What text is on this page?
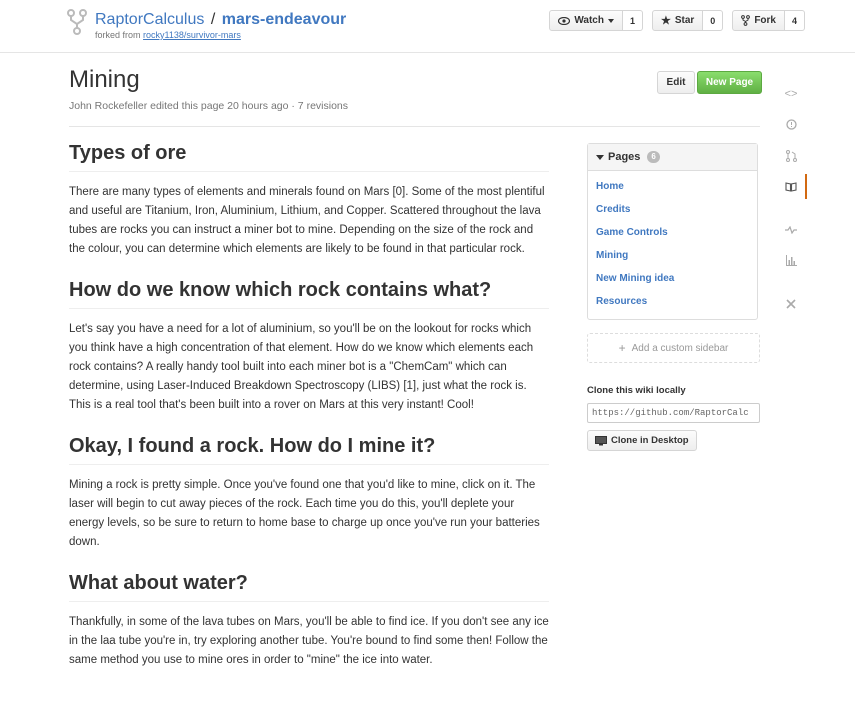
RaptorCalculus / mars-endeavour
forked from rocky1138/survivor-mars
Watch	1	★ Star	0	Fork	4
Mining
John Rockefeller edited this page 20 hours ago · 7 revisions
Edit	New Page
Types of ore

There are many types of elements and minerals found on Mars [0]. Some of the most plentiful and useful are Titanium, Iron, Aluminium, Lithium, and Copper. Scattered throughout the lava tubes are rocks you can instruct a miner bot to mine. Depending on the size of the rock and the colour, you can determine which elements are likely to be found in that particular rock.

How do we know which rock contains what?

Let's say you have a need for a lot of aluminium, so you'll be on the lookout for rocks which you think have a high concentration of that element. How do we know which elements each rock contains? A really handy tool built into each miner bot is a "ChemCam" which can determine, using Laser-Induced Breakdown Spectroscopy (LIBS) [1], just what the rock is. This is a real tool that's been built into a rover on Mars at this very instant! Cool!

Okay, I found a rock. How do I mine it?

Mining a rock is pretty simple. Once you've found one that you'd like to mine, click on it. The laser will begin to cut away pieces of the rock. Each time you do this, you'll deplete your energy levels, so be sure to return to home base to charge up once you've run your batteries down.

What about water?

Thankfully, in some of the lava tubes on Mars, you'll be able to find ice. If you don't see any ice in the laa tube you're in, try exploring another tube. You're bound to find some then! Follow the same method you use to mine ores in order to "mine" the ice into water.

Pages	6
Home
Credits
Game Controls
Mining
New Mining idea
Resources
+ Add a custom sidebar
Clone this wiki locally
https://github.com/RaptorCalc
Clone in Desktop
<>
